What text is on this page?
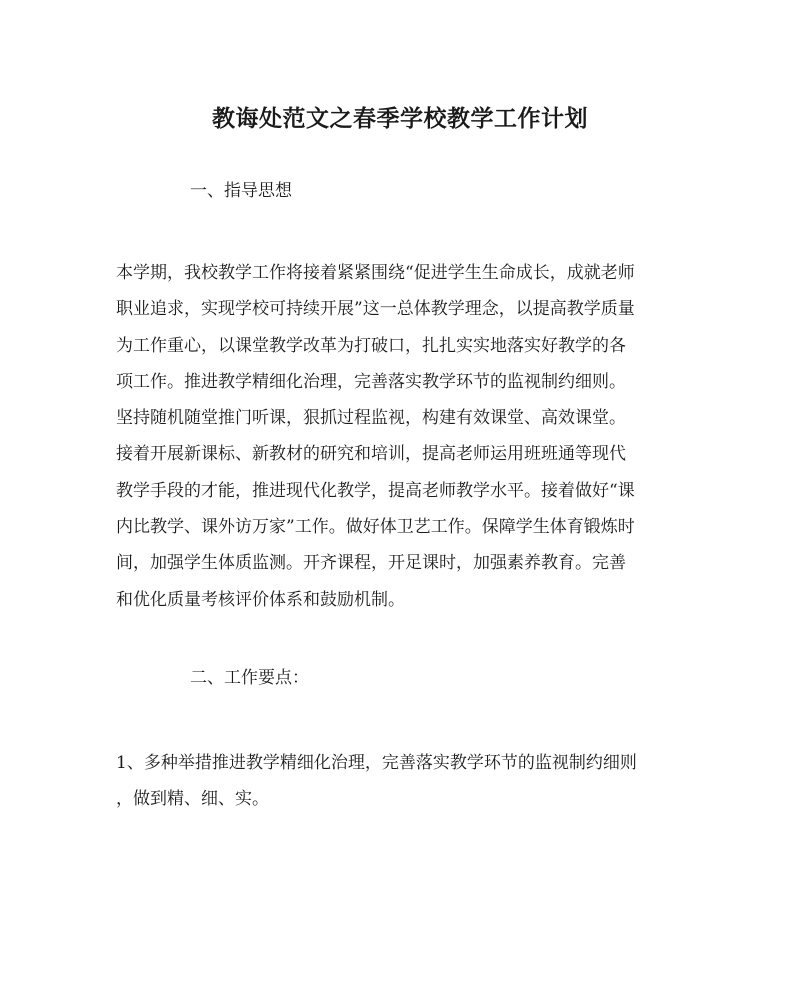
教诲处范文之春季学校教学工作计划

一、指导思想

本学期，我校教学工作将接着紧紧围绕“促进学生生命成长，成就老师
职业追求，实现学校可持续开展”这一总体教学理念，以提高教学质量
为工作重心，以课堂教学改革为打破口，扎扎实实地落实好教学的各
项工作。推进教学精细化治理，完善落实教学环节的监视制约细则。
坚持随机随堂推门听课，狠抓过程监视，构建有效课堂、高效课堂。
接着开展新课标、新教材的研究和培训，提高老师运用班班通等现代
教学手段的才能，推进现代化教学，提高老师教学水平。接着做好“课
内比教学、课外访万家”工作。做好体卫艺工作。保障学生体育锻炼时
间，加强学生体质监测。开齐课程，开足课时，加强素养教育。完善
和优化质量考核评价体系和鼓励机制。

二、工作要点：

1、多种举措推进教学精细化治理，完善落实教学环节的监视制约细则
，做到精、细、实。
